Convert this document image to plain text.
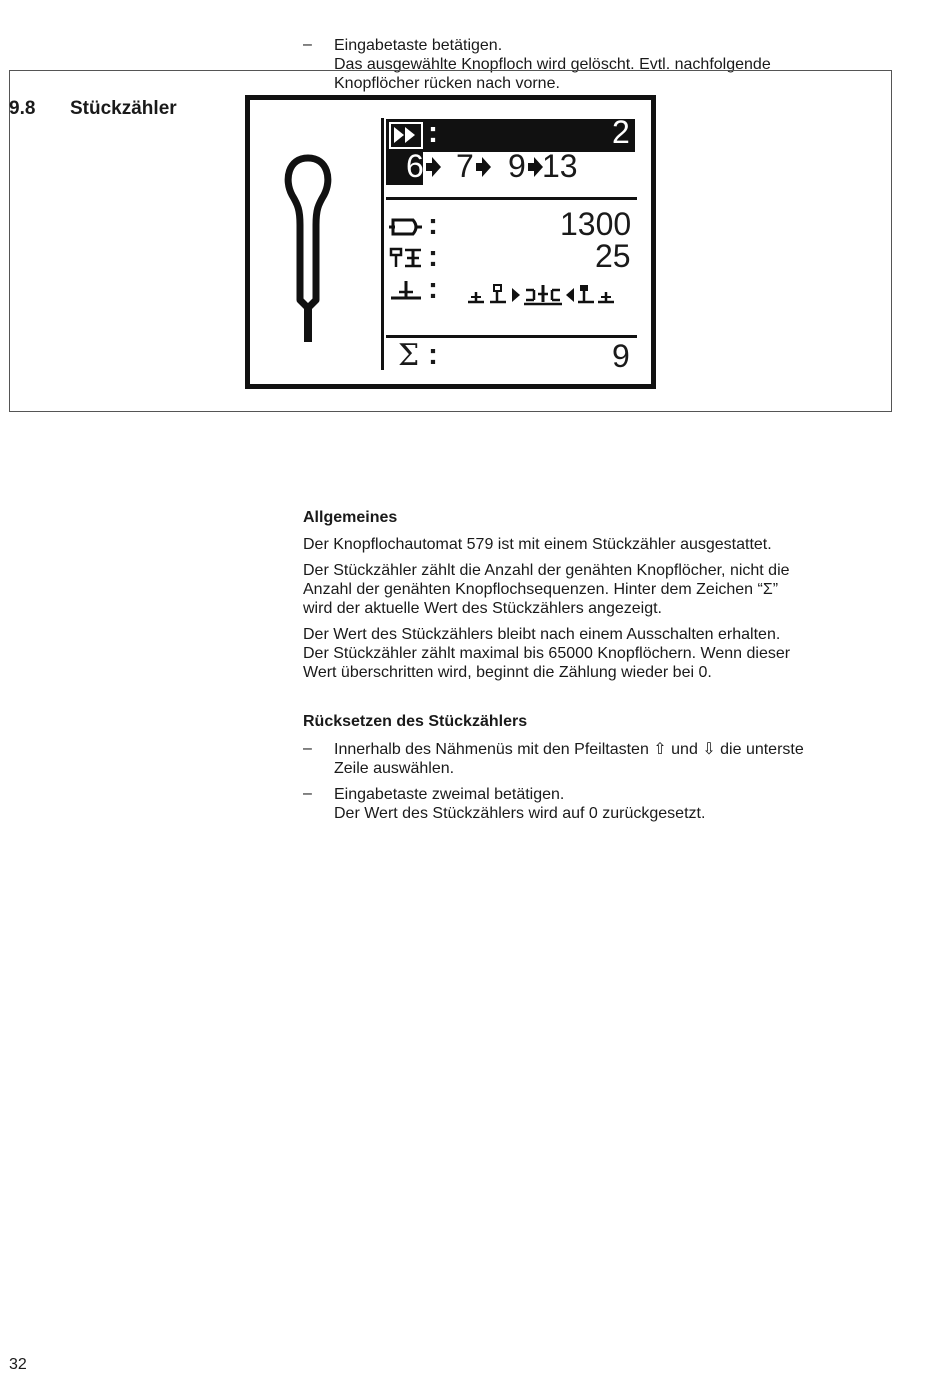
– Eingabetaste betätigen.
Das ausgewählte Knopfloch wird gelöscht. Evtl. nachfolgende
Knopflöcher rücken nach vorne.
9.8 Stückzähler
:	2
6 7 9 13
:	1300
:	25
:
Σ :	9
Allgemeines
Der Knopflochautomat 579 ist mit einem Stückzähler ausgestattet.
Der Stückzähler zählt die Anzahl der genähten Knopflöcher, nicht die
Anzahl der genähten Knopflochsequenzen. Hinter dem Zeichen “Σ”
wird der aktuelle Wert des Stückzählers angezeigt.
Der Wert des Stückzählers bleibt nach einem Ausschalten erhalten.
Der Stückzähler zählt maximal bis 65000 Knopflöchern. Wenn dieser
Wert überschritten wird, beginnt die Zählung wieder bei 0.
Rücksetzen des Stückzählers
– Innerhalb des Nähmenüs mit den Pfeiltasten ⇧ und ⇩ die unterste
Zeile auswählen.
– Eingabetaste zweimal betätigen.
Der Wert des Stückzählers wird auf 0 zurückgesetzt.
32
